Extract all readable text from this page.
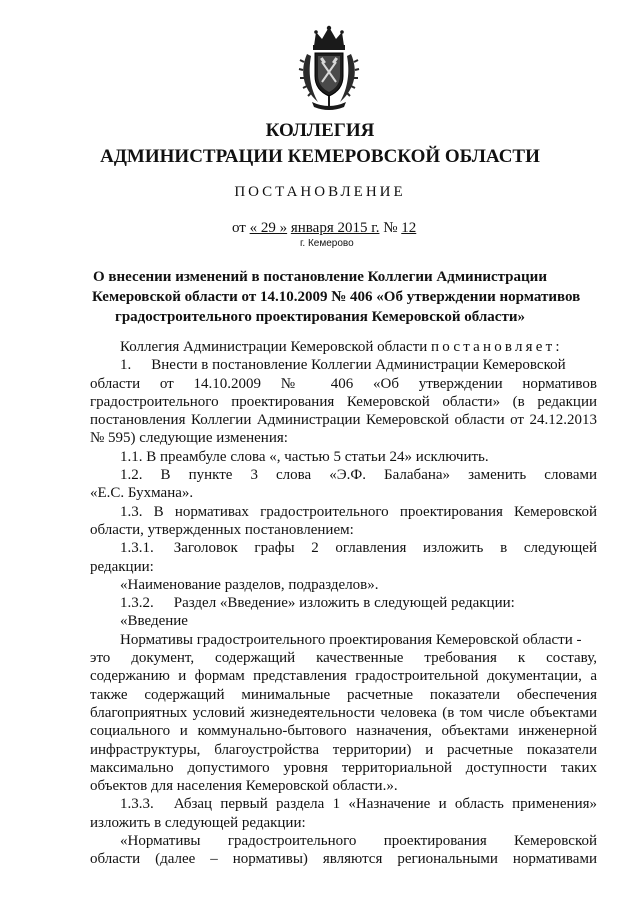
КОЛЛЕГИЯ
АДМИНИСТРАЦИИ КЕМЕРОВСКОЙ ОБЛАСТИ
ПОСТАНОВЛЕНИЕ
от « 29 » января 2015 г. № 12
г. Кемерово
О внесении изменений в постановление Коллегии Администрации
Кемеровской области от 14.10.2009 № 406 «Об утверждении нормативов
градостроительного проектирования Кемеровской области»
Коллегия Администрации Кемеровской области постановляет:
1. Внести в постановление Коллегии Администрации Кемеровской
области от 14.10.2009 № 406 «Об утверждении нормативов
градостроительного проектирования Кемеровской области» (в редакции
постановления Коллегии Администрации Кемеровской области от 24.12.2013
№ 595) следующие изменения:
1.1. В преамбуле слова «, частью 5 статьи 24» исключить.
1.2. В пункте 3 слова «Э.Ф. Балабана» заменить словами
«Е.С. Бухмана».
1.3. В нормативах градостроительного проектирования Кемеровской
области, утвержденных постановлением:
1.3.1. Заголовок графы 2 оглавления изложить в следующей
редакции:
«Наименование разделов, подразделов».
1.3.2. Раздел «Введение» изложить в следующей редакции:
«Введение
Нормативы градостроительного проектирования Кемеровской области -
это документ, содержащий качественные требования к составу,
содержанию и формам представления градостроительной документации, а
также содержащий минимальные расчетные показатели обеспечения
благоприятных условий жизнедеятельности человека (в том числе объектами
социального и коммунально-бытового назначения, объектами инженерной
инфраструктуры, благоустройства территории) и расчетные показатели
максимально допустимого уровня территориальной доступности таких
объектов для населения Кемеровской области.».
1.3.3. Абзац первый раздела 1 «Назначение и область применения»
изложить в следующей редакции:
«Нормативы градостроительного проектирования Кемеровской
области (далее – нормативы) являются региональными нормативами
